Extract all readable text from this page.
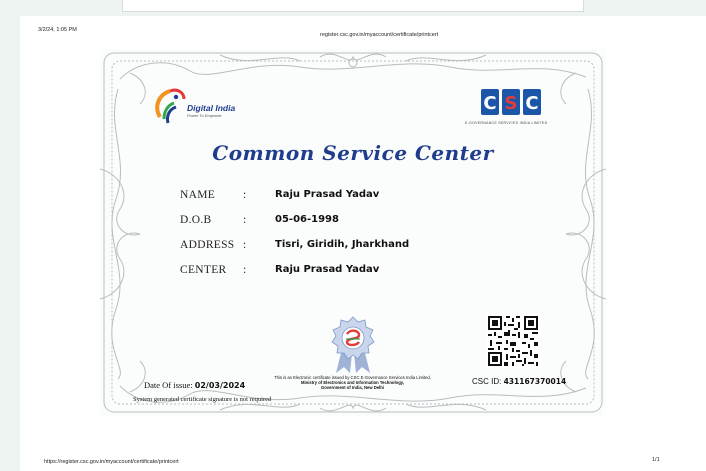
3/2/24, 1:05 PM
register.csc.gov.in/myaccount/certificate/printcert
https://register.csc.gov.in/myaccount/certificate/printcert	1/1
Digital India
Power To Empower
C S C
E-GOVERNANCE SERVICES INDIA LIMITED
Common Service Center
NAME	:	Raju Prasad Yadav
D.O.B	:	05-06-1998
ADDRESS :	Tisri, Giridih, Jharkhand
CENTER	:	Raju Prasad Yadav
Date Of issue: 02/03/2024
System generated certificate signature is not required
This is an Electronic certificate issued by CSC E-Governance Services India Limited,
Ministry of Electronics and Information Technology,
Government of India, New Delhi
CSC ID: 431167370014
